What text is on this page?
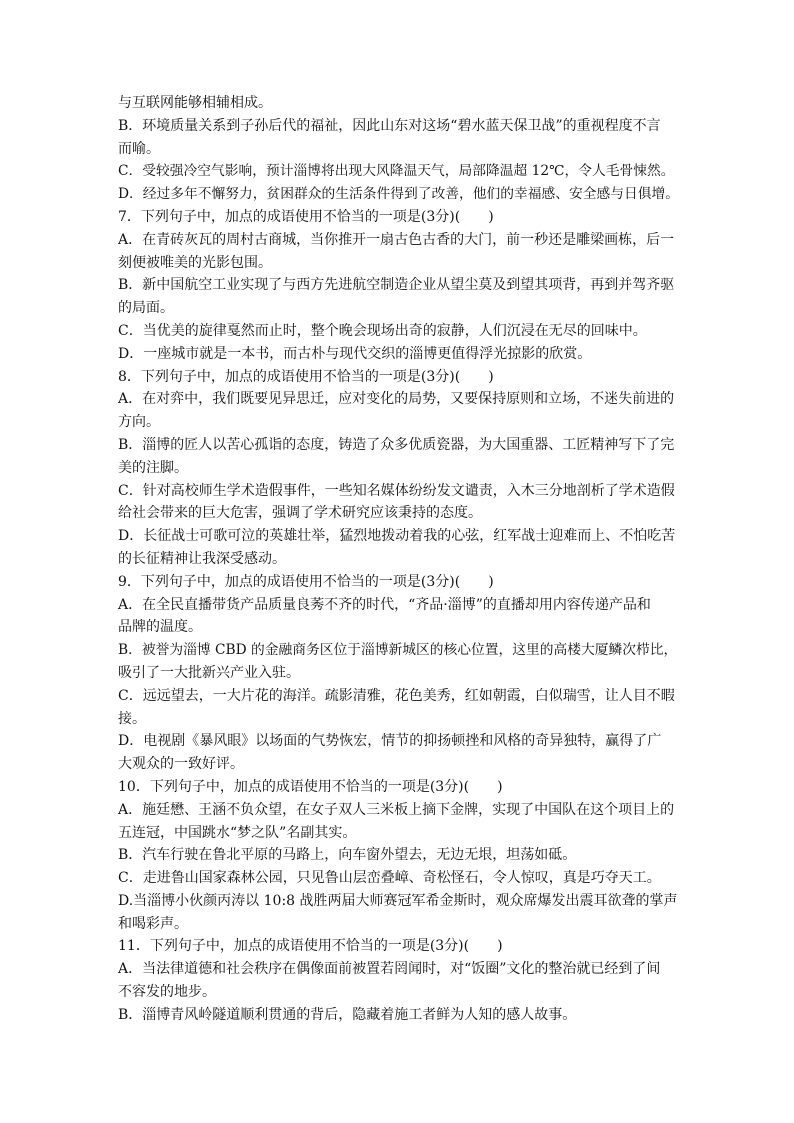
与互联网能够相辅相成。
B．环境质量关系到子孙后代的福祉，因此山东对这场“碧水蓝天保卫战”的重视程度不言
而喻。
C．受较强冷空气影响，预计淄博将出现大风降温天气，局部降温超 12℃，令人毛骨悚然。
D．经过多年不懈努力，贫困群众的生活条件得到了改善，他们的幸福感、安全感与日俱增。
7．下列句子中，加点的成语使用不恰当的一项是(3分)(　　)
A．在青砖灰瓦的周村古商城，当你推开一扇古色古香的大门，前一秒还是雕梁画栋，后一
刻便被唯美的光影包围。
B．新中国航空工业实现了与西方先进航空制造企业从望尘莫及到望其项背，再到并驾齐驱
的局面。
C．当优美的旋律戛然而止时，整个晚会现场出奇的寂静，人们沉浸在无尽的回味中。
D．一座城市就是一本书，而古朴与现代交织的淄博更值得浮光掠影的欣赏。
8．下列句子中，加点的成语使用不恰当的一项是(3分)(　　)
A．在对弈中，我们既要见异思迁，应对变化的局势，又要保持原则和立场，不迷失前进的
方向。
B．淄博的匠人以苦心孤诣的态度，铸造了众多优质瓷器，为大国重器、工匠精神写下了完
美的注脚。
C．针对高校师生学术造假事件，一些知名媒体纷纷发文谴责，入木三分地剖析了学术造假
给社会带来的巨大危害，强调了学术研究应该秉持的态度。
D．长征战士可歌可泣的英雄壮举，猛烈地拨动着我的心弦，红军战士迎难而上、不怕吃苦
的长征精神让我深受感动。
9．下列句子中，加点的成语使用不恰当的一项是(3分)(　　)
A．在全民直播带货产品质量良莠不齐的时代，“齐品·淄博”的直播却用内容传递产品和
品牌的温度。
B．被誉为淄博 CBD 的金融商务区位于淄博新城区的核心位置，这里的高楼大厦鳞次栉比，
吸引了一大批新兴产业入驻。
C．远远望去，一大片花的海洋。疏影清雅，花色美秀，红如朝霞，白似瑞雪，让人目不暇
接。
D．电视剧《暴风眼》以场面的气势恢宏，情节的抑扬顿挫和风格的奇异独特，赢得了广
大观众的一致好评。
10．下列句子中，加点的成语使用不恰当的一项是(3分)(　　)
A．施廷懋、王涵不负众望，在女子双人三米板上摘下金牌，实现了中国队在这个项目上的
五连冠，中国跳水“梦之队”名副其实。
B．汽车行驶在鲁北平原的马路上，向车窗外望去，无边无垠，坦荡如砥。
C．走进鲁山国家森林公园，只见鲁山层峦叠嶂、奇松怪石，令人惊叹，真是巧夺天工。
D.当淄博小伙颜丙涛以 10:8 战胜两届大师赛冠军希金斯时，观众席爆发出震耳欲聋的掌声
和喝彩声。
11．下列句子中，加点的成语使用不恰当的一项是(3分)(　　)
A．当法律道德和社会秩序在偶像面前被置若罔闻时，对“饭圈”文化的整治就已经到了间
不容发的地步。
B．淄博青风岭隧道顺利贯通的背后，隐藏着施工者鲜为人知的感人故事。
